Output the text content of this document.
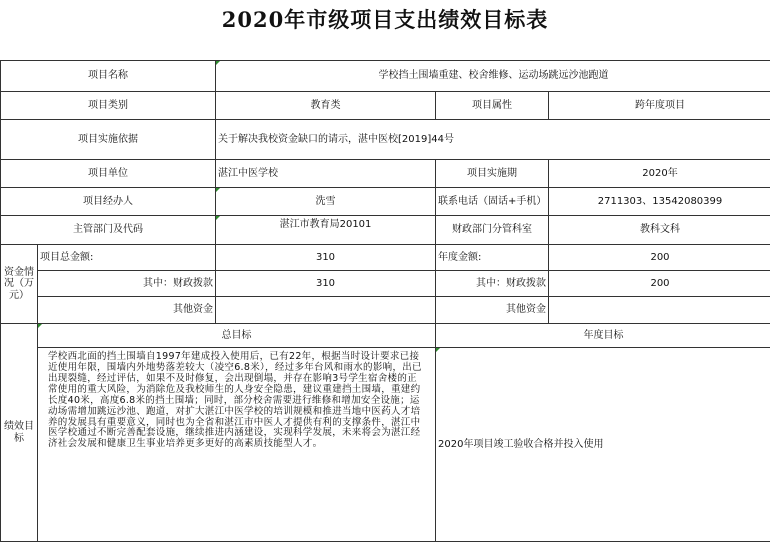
2020年市级项目支出绩效目标表
项目名称		学校挡土围墙重建、校舍维修、运动场跳远沙池跑道		
项目类别		教育类	项目属性	跨年度项目
项目实施依据		关于解决我校资金缺口的请示，湛中医校[2019]44号		
项目单位		湛江中医学校	项目实施期	2020年
项目经办人		洗雪	联系电话（固话+手机）	2711303、13542080399
主管部门及代码		湛江市教育局20101	财政部门分管科室	教科文科
资金情况（万元）	项目总金额:	310	年度金额:	200
	其中：财政拨款	310	其中：财政拨款	200
	其他资金		其他资金	
绩效目标	总目标		年度目标	
	学校西北面的挡土围墙自1997年建成投入使用后，已有22年，根据当时设计要求已接近使用年限，围墙内外地势落差较大（凌空6.8米），经过多年台风和雨水的影响，出已出现裂缝，经过评估，如果不及时修复，会出现倒塌，并存在影响3号学生宿舍楼的正常使用的重大风险，为消除危及我校师生的人身安全隐患，建议重建挡土围墙，重建约长度40米，高度6.8米的挡土围墙；同时，部分校舍需要进行维修和增加安全设施；运动场需增加跳远沙池、跑道，对扩大湛江中医学校的培训规模和推进当地中医药人才培养的发展具有重要意义，同时也为全省和湛江市中医人才提供有利的支撑条件，湛江中医学校通过不断完善配套设施，继续推进内涵建设，实现科学发展，未来将会为湛江经济社会发展和健康卫生事业培养更多更好的高素质技能型人才。		2020年项目竣工验收合格并投入使用	
